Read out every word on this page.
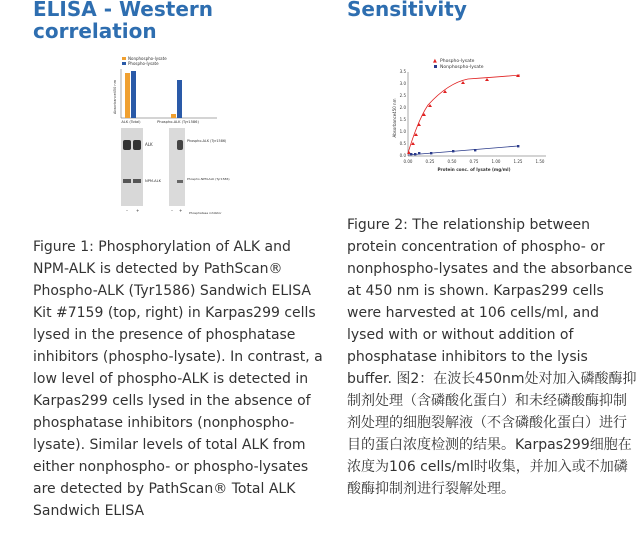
ELISA - Western correlation
Sensitivity
Nonphospho-lysate
Phospho-lysate
Absorbance450 nm
ALK (Total)	Phospho-ALK (Tyr1586)
ALK
NPM-ALK
– +
Phospho-ALK (Tyr1586)
Phospho-NPM-ALK (Tyr1586)
– + Phosphatase inhibitor
▲ Phospho-lysate
Nonphospho-lysate
Absorbance450 nm
0.0
0.5
1.0
1.5
2.0
2.5
3.0
3.5
0.00	0.25	0.50	0.75	1.00	1.25	1.50
Protein conc. of lysate (mg/ml)

Figure 1: Phosphorylation of ALK and NPM-ALK is detected by PathScan® Phospho-ALK (Tyr1586) Sandwich ELISA Kit #7159 (top, right) in Karpas299 cells lysed in the presence of phosphatase inhibitors (phospho-lysate). In contrast, a low level of phospho-ALK is detected in Karpas299 cells lysed in the absence of phosphatase inhibitors (nonphospho-lysate). Similar levels of total ALK from either nonphospho- or phospho-lysates are detected by PathScan® Total ALK Sandwich ELISA

Figure 2: The relationship between protein concentration of phospho- or nonphospho-lysates and the absorbance at 450 nm is shown. Karpas299 cells were harvested at 106 cells/ml, and lysed with or without addition of phosphatase inhibitors to the lysis buffer. 图2：在波长450nm处对加入磷酸酶抑制剂处理（含磷酸化蛋白）和未经磷酸酶抑制剂处理的细胞裂解液（不含磷酸化蛋白）进行目的蛋白浓度检测的结果。Karpas299细胞在浓度为106 cells/ml时收集，并加入或不加磷酸酶抑制剂进行裂解处理。
